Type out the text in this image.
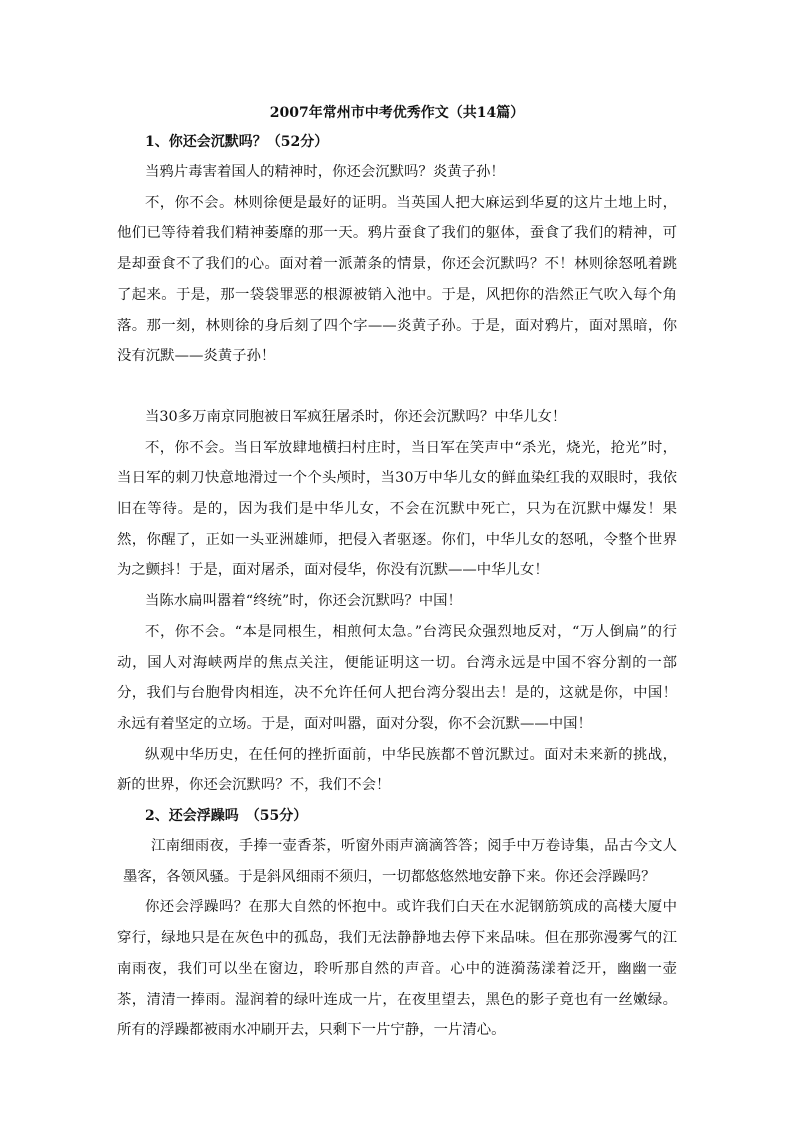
2007年常州市中考优秀作文（共14篇）
1、你还会沉默吗？（52分）

当鸦片毒害着国人的精神时，你还会沉默吗？炎黄子孙！

不，你不会。林则徐便是最好的证明。当英国人把大麻运到华夏的这片土地上时，他们已等待着我们精神萎靡的那一天。鸦片蚕食了我们的躯体，蚕食了我们的精神，可是却蚕食不了我们的心。面对着一派萧条的情景，你还会沉默吗？不！林则徐怒吼着跳了起来。于是，那一袋袋罪恶的根源被销入池中。于是，风把你的浩然正气吹入每个角落。那一刻，林则徐的身后刻了四个字——炎黄子孙。于是，面对鸦片，面对黑暗，你没有沉默——炎黄子孙！

当30多万南京同胞被日军疯狂屠杀时，你还会沉默吗？中华儿女！

不，你不会。当日军放肆地横扫村庄时，当日军在笑声中“杀光，烧光，抢光”时，当日军的刺刀快意地滑过一个个头颅时，当30万中华儿女的鲜血染红我的双眼时，我依旧在等待。是的，因为我们是中华儿女，不会在沉默中死亡，只为在沉默中爆发！果然，你醒了，正如一头亚洲雄师，把侵入者驱逐。你们，中华儿女的怒吼，令整个世界为之颤抖！于是，面对屠杀，面对侵华，你没有沉默——中华儿女！

当陈水扁叫嚣着“终统”时，你还会沉默吗？中国！

不，你不会。“本是同根生，相煎何太急。”台湾民众强烈地反对，“万人倒扁”的行动，国人对海峡两岸的焦点关注，便能证明这一切。台湾永远是中国不容分割的一部分，我们与台胞骨肉相连，决不允许任何人把台湾分裂出去！是的，这就是你，中国！永远有着坚定的立场。于是，面对叫嚣，面对分裂，你不会沉默——中国！

纵观中华历史，在任何的挫折面前，中华民族都不曾沉默过。面对未来新的挑战，新的世界，你还会沉默吗？不，我们不会！

2、还会浮躁吗　（55分）

江南细雨夜，手捧一壶香茶，听窗外雨声滴滴答答；阅手中万卷诗集，品古今文人墨客，各领风骚。于是斜风细雨不须归，一切都悠悠然地安静下来。你还会浮躁吗？

你还会浮躁吗？在那大自然的怀抱中。或许我们白天在水泥钢筋筑成的高楼大厦中穿行，绿地只是在灰色中的孤岛，我们无法静静地去停下来品味。但在那弥漫雾气的江南雨夜，我们可以坐在窗边，聆听那自然的声音。心中的涟漪荡漾着泛开，幽幽一壶茶，清清一捧雨。湿润着的绿叶连成一片，在夜里望去，黑色的影子竟也有一丝嫩绿。所有的浮躁都被雨水冲刷开去，只剩下一片宁静，一片清心。
